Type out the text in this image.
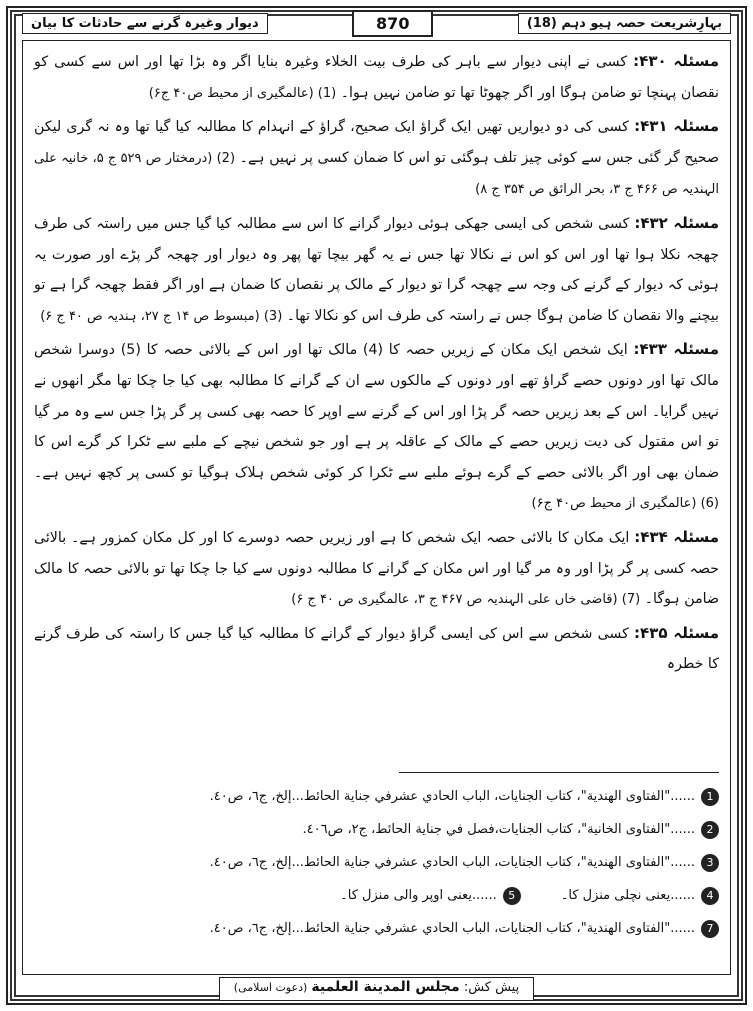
بہارِشریعت حصہ ہیو دہم (18)
870
دیوار وغیرہ گرنے سے حادثات کا بیان

مسئلہ ۴۳۰: کسی نے اپنی دیوار سے باہر کی طرف بیت الخلاء وغیرہ بنایا اگر وہ بڑا تھا اور اس سے کسی کو نقصان پہنچا تو ضامن ہوگا اور اگر چھوٹا تھا تو ضامن نہیں ہوا۔ (1) (عالمگیری از محیط ص۴۰ ج۶)

مسئلہ ۴۳۱: کسی کی دو دیواریں تھیں ایک گراؤ ایک صحیح، گراؤ کے انہدام کا مطالبہ کیا گیا تھا وہ نہ گری لیکن صحیح گر گئی جس سے کوئی چیز تلف ہوگئی تو اس کا ضمان کسی پر نہیں ہے۔ (2) (درمختار ص ۵۲۹ ج ۵، خانیہ علی الہندیہ ص ۴۶۶ ج ۳، بحر الرائق ص ۳۵۴ ج ۸)

مسئلہ ۴۳۲: کسی شخص کی ایسی جھکی ہوئی دیوار گرانے کا اس سے مطالبہ کیا گیا جس میں راستہ کی طرف چھجہ نکلا ہوا تھا اور اس کو اس نے نکالا تھا جس نے یہ گھر بیچا تھا پھر وہ دیوار اور چھجہ گر پڑے اور صورت یہ ہوئی کہ دیوار کے گرنے کی وجہ سے چھجہ گرا تو دیوار کے مالک پر نقصان کا ضمان ہے اور اگر فقط چھجہ گرا ہے تو بیچنے والا نقصان کا ضامن ہوگا جس نے راستہ کی طرف اس کو نکالا تھا۔ (3) (مبسوط ص ۱۴ ج ۲۷، ہندیہ ص ۴۰ ج ۶)

مسئلہ ۴۳۳: ایک شخص ایک مکان کے زیریں حصہ کا (4) مالک تھا اور اس کے بالائی حصہ کا (5) دوسرا شخص مالک تھا اور دونوں حصے گراؤ تھے اور دونوں کے مالکوں سے ان کے گرانے کا مطالبہ بھی کیا جا چکا تھا مگر انھوں نے نہیں گرایا۔ اس کے بعد زیریں حصہ گر پڑا اور اس کے گرنے سے اوپر کا حصہ بھی کسی پر گر پڑا جس سے وہ مر گیا تو اس مقتول کی دیت زیریں حصے کے مالک کے عاقلہ پر ہے اور جو شخص نیچے کے ملبے سے ٹکرا کر گرے اس کا ضمان بھی اور اگر بالائی حصے کے گرے ہوئے ملبے سے ٹکرا کر کوئی شخص ہلاک ہوگیا تو کسی پر کچھ نہیں ہے۔ (6) (عالمگیری از محیط ص۴۰ ج۶)

مسئلہ ۴۳۴: ایک مکان کا بالائی حصہ ایک شخص کا ہے اور زیریں حصہ دوسرے کا اور کل مکان کمزور ہے۔ بالائی حصہ کسی پر گر پڑا اور وہ مر گیا اور اس مکان کے گرانے کا مطالبہ دونوں سے کیا جا چکا تھا تو بالائی حصہ کا مالک ضامن ہوگا۔ (7) (قاضی خاں علی الہندیہ ص ۴۶۷ ج ۳، عالمگیری ص ۴۰ ج ۶)

مسئلہ ۴۳۵: کسی شخص سے اس کی ایسی گراؤ دیوار کے گرانے کا مطالبہ کیا گیا جس کا راستہ کی طرف گرنے کا خطرہ

1
......"الفتاوی الهندية"، كتاب الجنايات، الباب الحادي عشرفي جناية الحائط...إلخ، ج٦، ص٤٠.
2
......"الفتاوى الخانية"، كتاب الجنايات،فصل في جناية الحائط، ج٢، ص٤٠٦.
3
......"الفتاوى الهندية"، كتاب الجنايات، الباب الحادي عشرفي جناية الحائط...إلخ، ج٦، ص٤٠.
4
......یعنی نچلی منزل کا۔
5
......یعنی اوپر والی منزل کا۔
7
......"الفتاوى الهندية"، كتاب الجنايات، الباب الحادي عشرفي جناية الحائط...إلخ، ج٦، ص٤٠.
پیش کش: مجلس المدينة العلمية (دعوت اسلامی)
